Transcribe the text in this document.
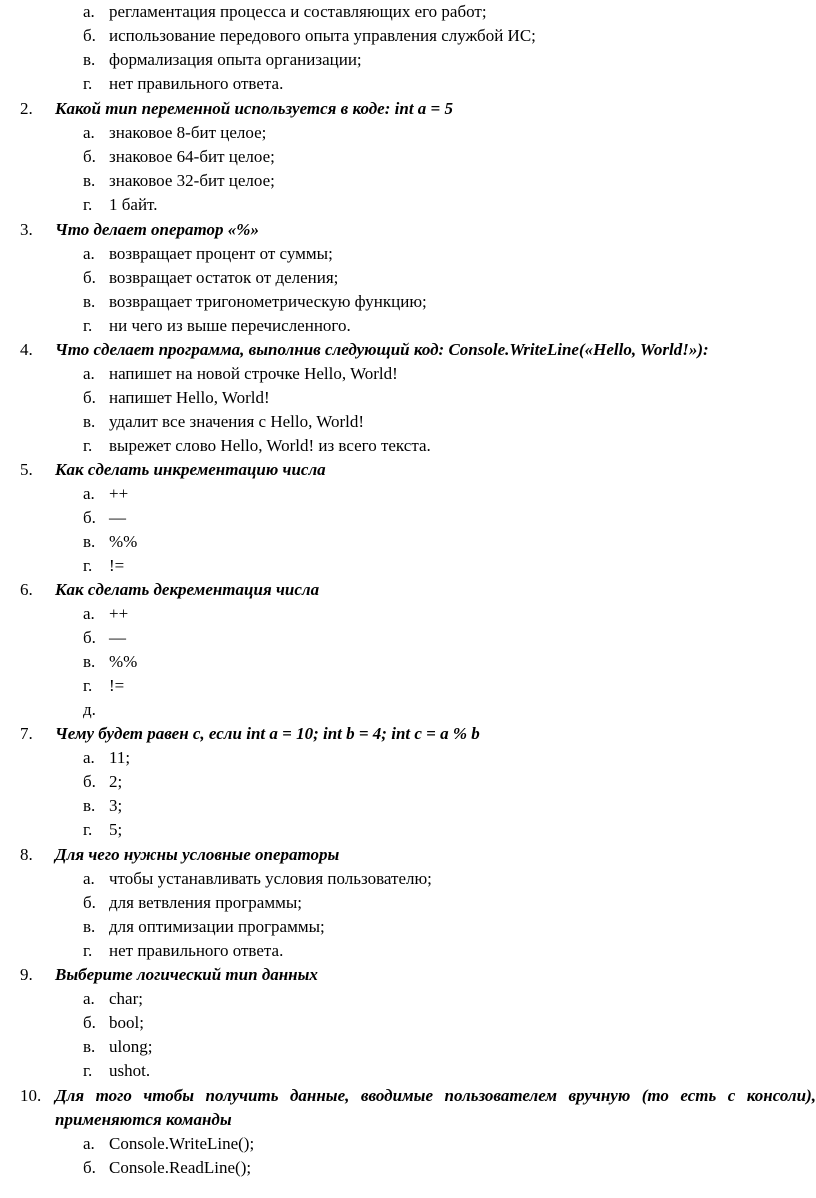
а. регламентация процесса и составляющих его работ;
б. использование передового опыта управления службой ИС;
в. формализация опыта организации;
г. нет правильного ответа.
2. Какой тип переменной используется в коде: int a = 5
а. знаковое 8-бит целое;
б. знаковое 64-бит целое;
в. знаковое 32-бит целое;
г. 1 байт.
3. Что делает оператор «%»
а. возвращает процент от суммы;
б. возвращает остаток от деления;
в. возвращает тригонометрическую функцию;
г. ни чего из выше перечисленного.
4. Что сделает программа, выполнив следующий код: Console.WriteLine(«Hello, World!»):
а. напишет на новой строчке Hello, World!
б. напишет Hello, World!
в. удалит все значения с Hello, World!
г. вырежет слово Hello, World! из всего текста.
5. Как сделать инкрементацию числа
а. ++
б. —
в. %%
г. !=
6. Как сделать декрементация числа
а. ++
б. —
в. %%
г. !=
д.
7. Чему будет равен c, если int a = 10; int b = 4; int c = a % b
а. 11;
б. 2;
в. 3;
г. 5;
8. Для чего нужны условные операторы
а. чтобы устанавливать условия пользователю;
б. для ветвления программы;
в. для оптимизации программы;
г. нет правильного ответа.
9. Выберите логический тип данных
а. char;
б. bool;
в. ulong;
г. ushot.
10. Для того чтобы получить данные, вводимые пользователем вручную (то есть с консоли),
применяются команды
а. Console.WriteLine();
б. Console.ReadLine();
